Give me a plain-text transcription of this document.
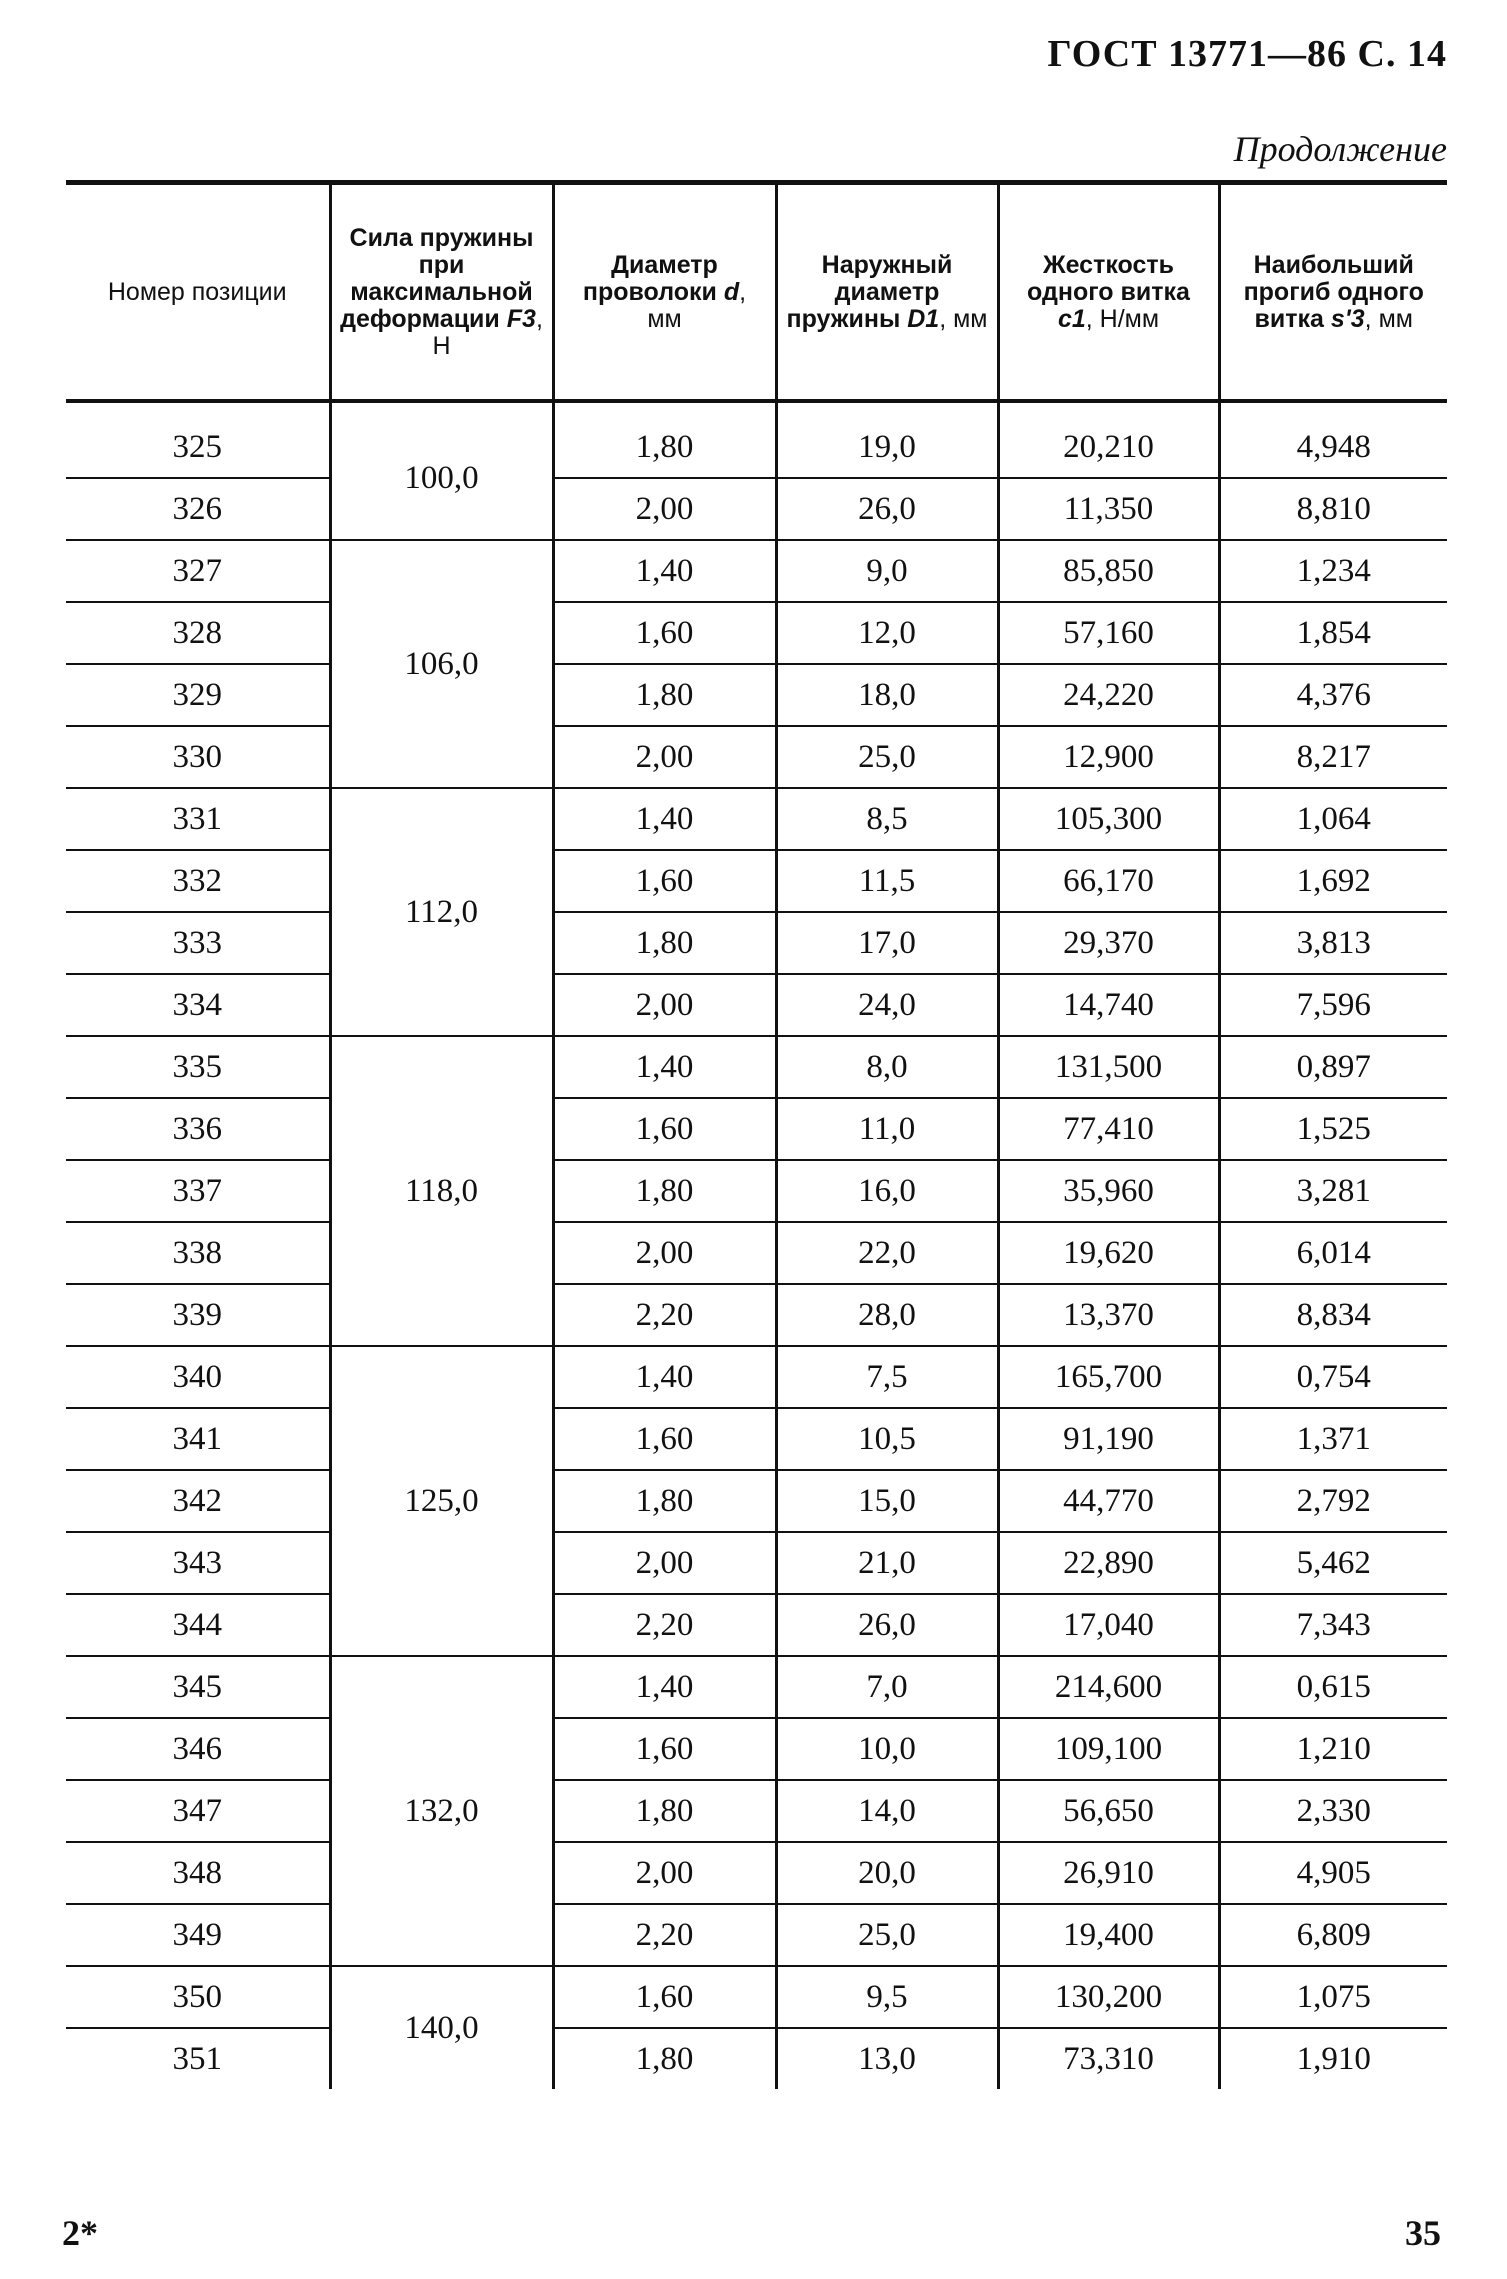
ГОСТ 13771—86 С. 14
Продолжение
Номер позиции	Сила пружины при максимальной деформации F3, Н	Диаметр проволоки d, мм	Наружный диаметр пружины D1, мм	Жесткость одного витка c1, Н/мм	Наибольший прогиб одного витка s'3, мм

325	100,0	1,80	19,0	20,210	4,948
326		2,00	26,0	11,350	8,810
327	106,0	1,40	9,0	85,850	1,234
328		1,60	12,0	57,160	1,854
329		1,80	18,0	24,220	4,376
330		2,00	25,0	12,900	8,217
331	112,0	1,40	8,5	105,300	1,064
332		1,60	11,5	66,170	1,692
333		1,80	17,0	29,370	3,813
334		2,00	24,0	14,740	7,596
335	118,0	1,40	8,0	131,500	0,897
336		1,60	11,0	77,410	1,525
337		1,80	16,0	35,960	3,281
338		2,00	22,0	19,620	6,014
339		2,20	28,0	13,370	8,834
340	125,0	1,40	7,5	165,700	0,754
341		1,60	10,5	91,190	1,371
342		1,80	15,0	44,770	2,792
343		2,00	21,0	22,890	5,462
344		2,20	26,0	17,040	7,343
345	132,0	1,40	7,0	214,600	0,615
346		1,60	10,0	109,100	1,210
347		1,80	14,0	56,650	2,330
348		2,00	20,0	26,910	4,905
349		2,20	25,0	19,400	6,809
350	140,0	1,60	9,5	130,200	1,075
351		1,80	13,0	73,310	1,910
2*	35
